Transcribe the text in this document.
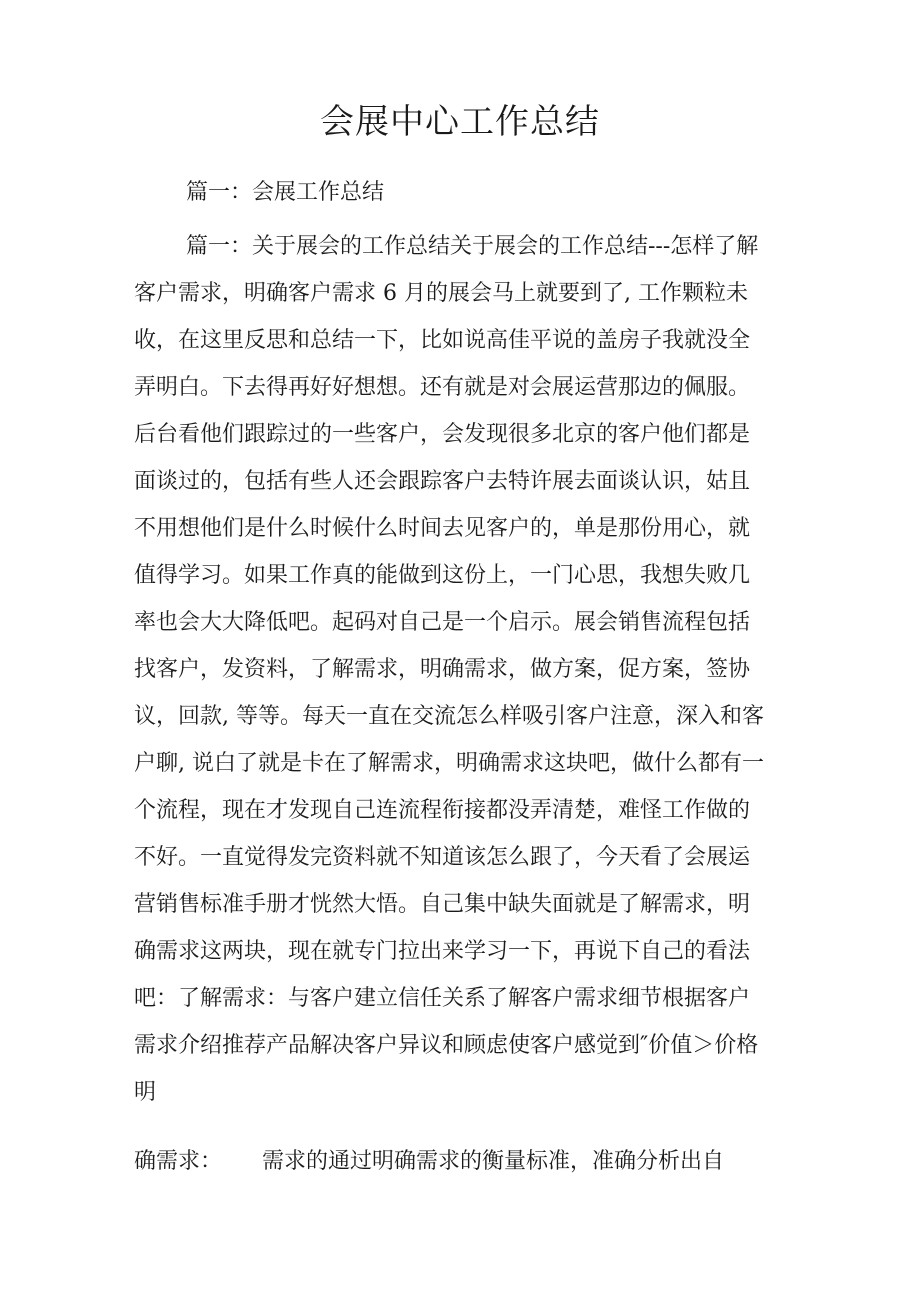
会展中心工作总结

篇一：会展工作总结

篇一：关于展会的工作总结关于展会的工作总结---怎样了解
客户需求，明确客户需求 6 月的展会马上就要到了, 工作颗粒未
收，在这里反思和总结一下，比如说高佳平说的盖房子我就没全
弄明白。下去得再好好想想。还有就是对会展运营那边的佩服。
后台看他们跟踪过的一些客户，会发现很多北京的客户他们都是
面谈过的，包括有些人还会跟踪客户去特许展去面谈认识，姑且
不用想他们是什么时候什么时间去见客户的，单是那份用心，就
值得学习。如果工作真的能做到这份上，一门心思，我想失败几
率也会大大降低吧。起码对自己是一个启示。展会销售流程包括
找客户，发资料，了解需求，明确需求，做方案，促方案，签协
议，回款, 等等。每天一直在交流怎么样吸引客户注意，深入和客
户聊, 说白了就是卡在了解需求，明确需求这块吧，做什么都有一
个流程，现在才发现自己连流程衔接都没弄清楚，难怪工作做的
不好。一直觉得发完资料就不知道该怎么跟了，今天看了会展运
营销售标准手册才恍然大悟。自己集中缺失面就是了解需求，明
确需求这两块，现在就专门拉出来学习一下，再说下自己的看法
吧：了解需求：与客户建立信任关系了解客户需求细节根据客户
需求介绍推荐产品解决客户异议和顾虑使客户感觉到″价值＞价格
明

确需求： 需求的通过明确需求的衡量标准，准确分析出自
